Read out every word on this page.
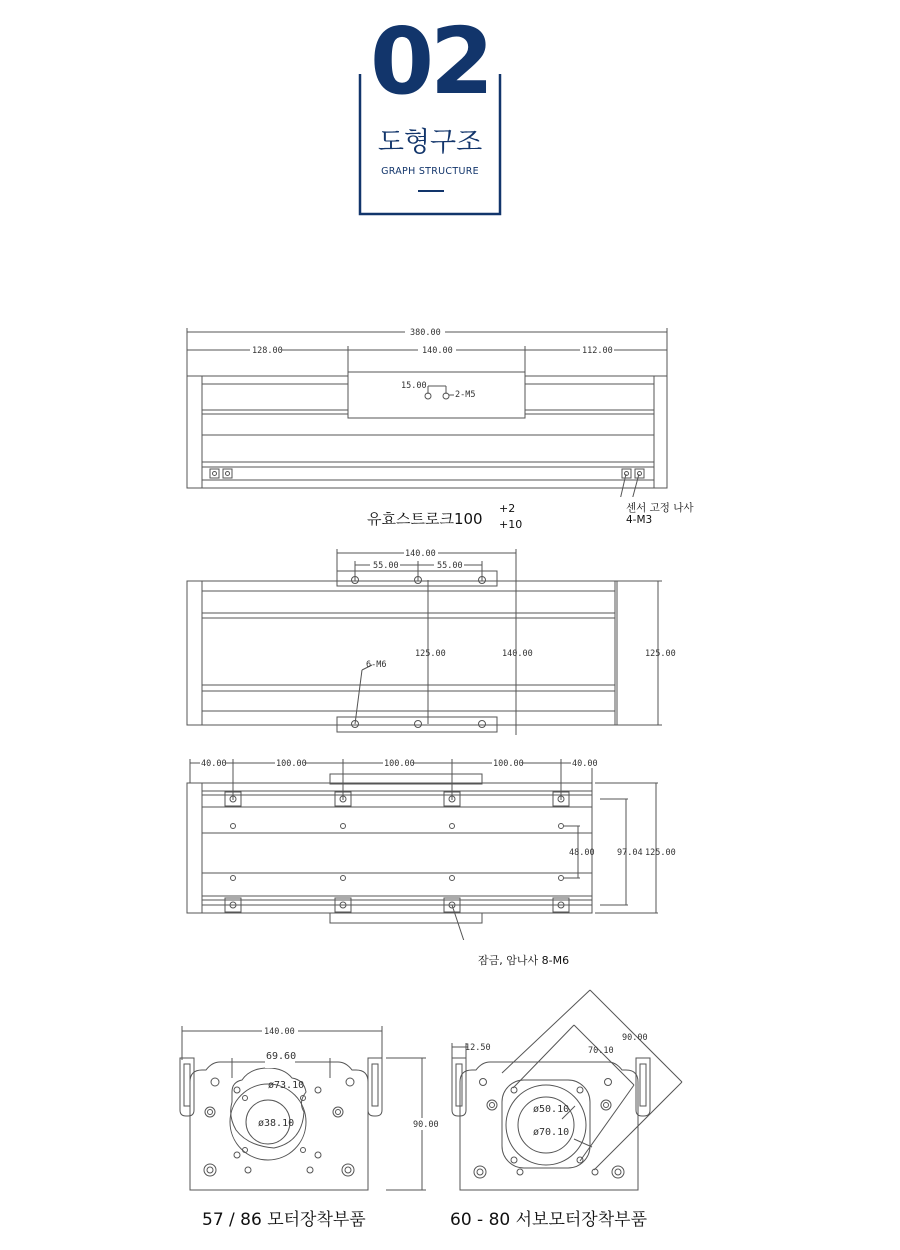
02
도형구조
GRAPH STRUCTURE
380.00
128.00	140.00	112.00
15.00
2-M5
유효스트로크100
+2
+10
센서 고정 나사
4-M3
140.00
55.00	55.00
125.00	140.00	125.00
6-M6
40.00	100.00	100.00	100.00	40.00
48.00	97.04 125.00
잠금, 암나사 8-M6
140.00
69.60
ø73.10
ø38.10	90.00
57 / 86 모터장착부품
12.50
90.00
70.10
ø50.10
ø70.10
60 - 80 서보모터장착부품
